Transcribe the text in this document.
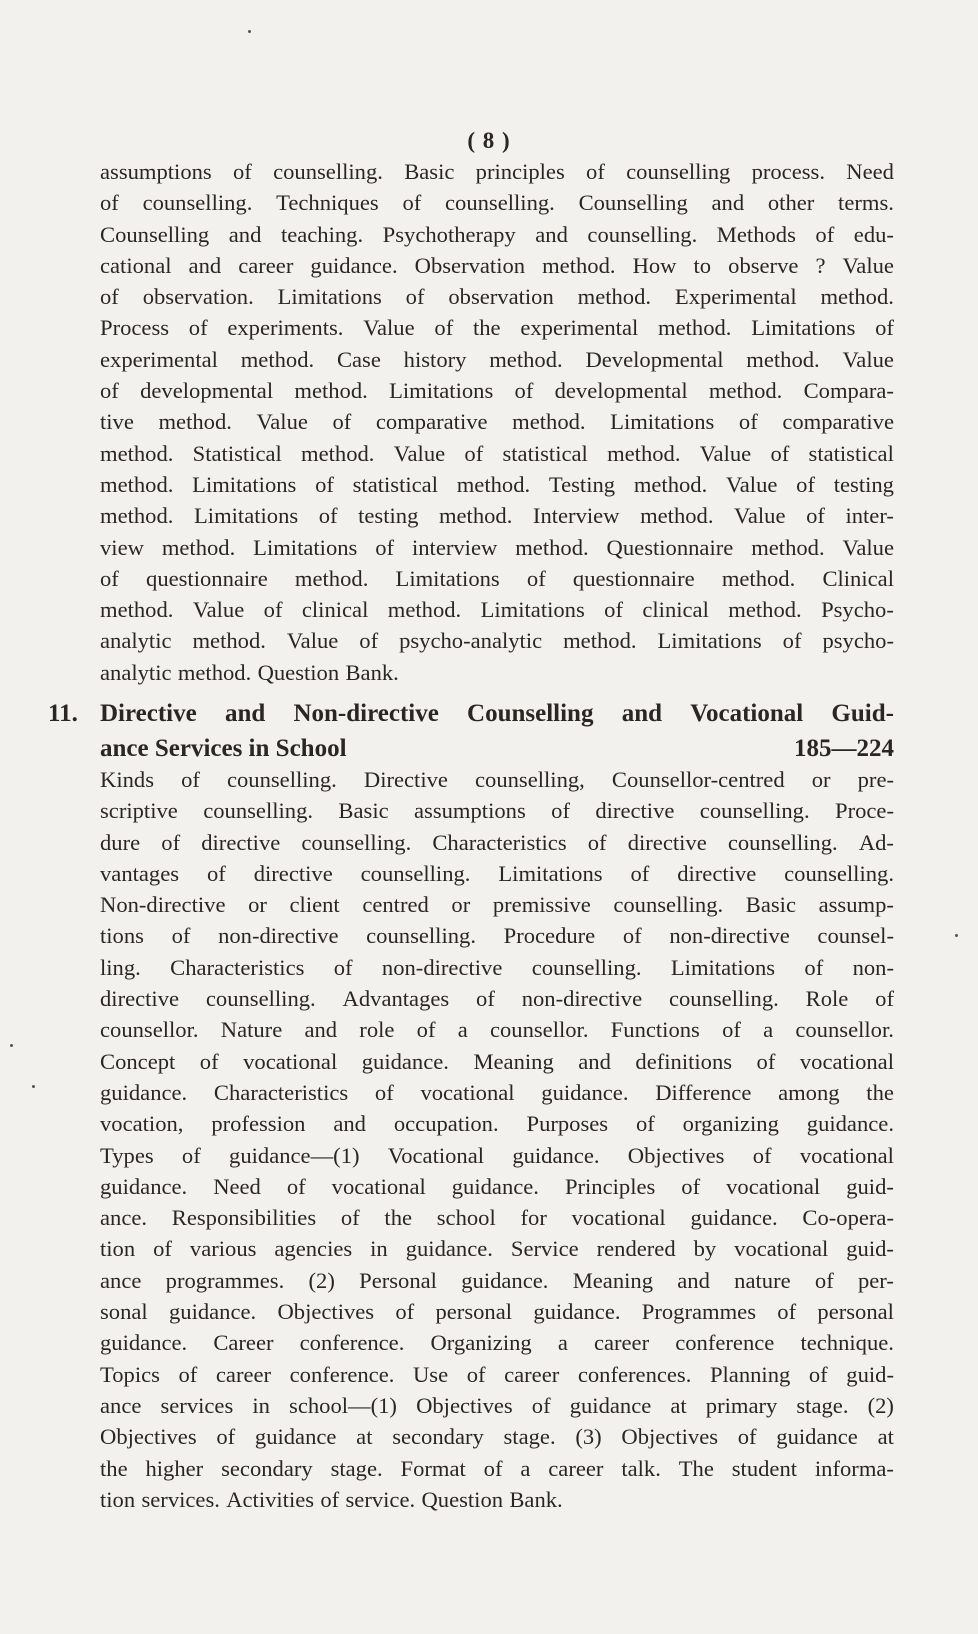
( 8 )
assumptions of counselling. Basic principles of counselling process. Need
of counselling. Techniques of counselling. Counselling and other terms.
Counselling and teaching. Psychotherapy and counselling. Methods of edu-
cational and career guidance. Observation method. How to observe ? Value
of observation. Limitations of observation method. Experimental method.
Process of experiments. Value of the experimental method. Limitations of
experimental method. Case history method. Developmental method. Value
of developmental method. Limitations of developmental method. Compara-
tive method. Value of comparative method. Limitations of comparative
method. Statistical method. Value of statistical method. Value of statistical
method. Limitations of statistical method. Testing method. Value of testing
method. Limitations of testing method. Interview method. Value of inter-
view method. Limitations of interview method. Questionnaire method. Value
of questionnaire method. Limitations of questionnaire method. Clinical
method. Value of clinical method. Limitations of clinical method. Psycho-
analytic method. Value of psycho-analytic method. Limitations of psycho-
analytic method. Question Bank.
11. Directive and Non-directive Counselling and Vocational Guid-
ance Services in School	185—224
Kinds of counselling. Directive counselling, Counsellor-centred or pre-
scriptive counselling. Basic assumptions of directive counselling. Proce-
dure of directive counselling. Characteristics of directive counselling. Ad-
vantages of directive counselling. Limitations of directive counselling.
Non-directive or client centred or premissive counselling. Basic assump-
tions of non-directive counselling. Procedure of non-directive counsel-
ling. Characteristics of non-directive counselling. Limitations of non-
directive counselling. Advantages of non-directive counselling. Role of
counsellor. Nature and role of a counsellor. Functions of a counsellor.
Concept of vocational guidance. Meaning and definitions of vocational
guidance. Characteristics of vocational guidance. Difference among the
vocation, profession and occupation. Purposes of organizing guidance.
Types of guidance—(1) Vocational guidance. Objectives of vocational
guidance. Need of vocational guidance. Principles of vocational guid-
ance. Responsibilities of the school for vocational guidance. Co-opera-
tion of various agencies in guidance. Service rendered by vocational guid-
ance programmes. (2) Personal guidance. Meaning and nature of per-
sonal guidance. Objectives of personal guidance. Programmes of personal
guidance. Career conference. Organizing a career conference technique.
Topics of career conference. Use of career conferences. Planning of guid-
ance services in school—(1) Objectives of guidance at primary stage. (2)
Objectives of guidance at secondary stage. (3) Objectives of guidance at
the higher secondary stage. Format of a career talk. The student informa-
tion services. Activities of service. Question Bank.
